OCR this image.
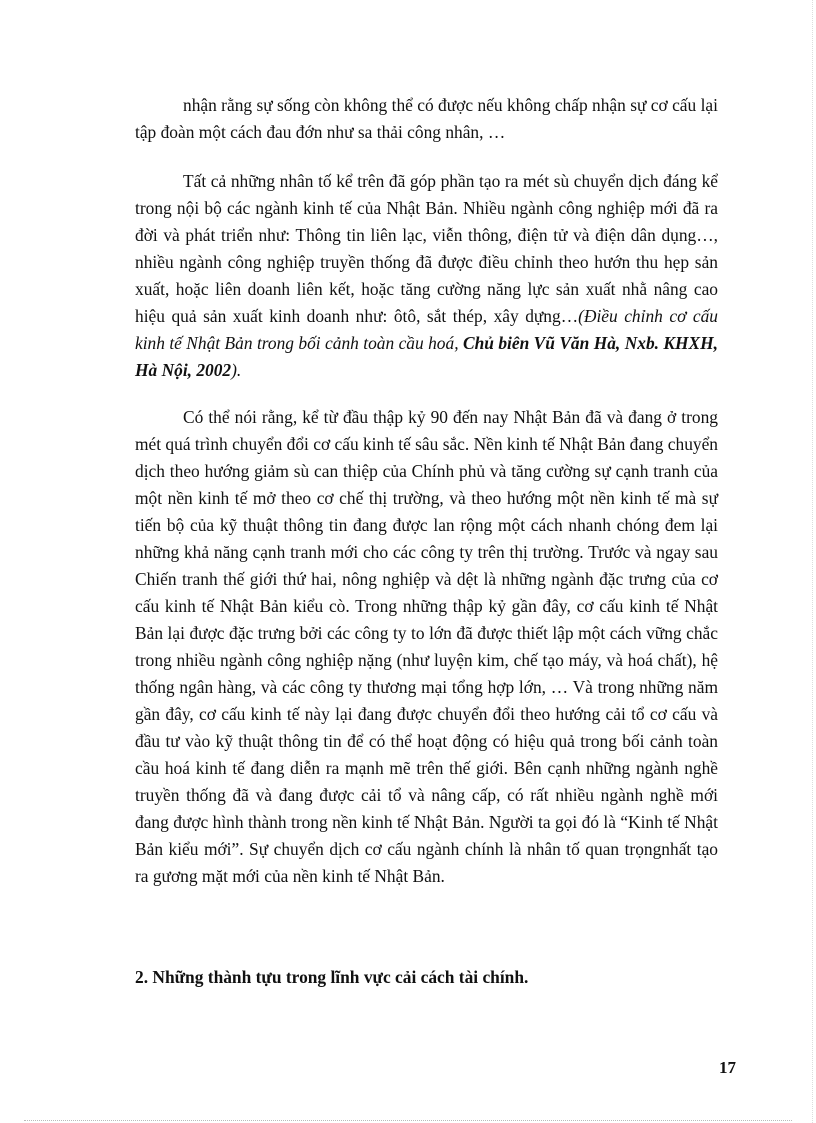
nhận rằng sự sống còn không thể có được nếu không chấp nhận sự cơ cấu lại tập đoàn một cách đau đớn như sa thải công nhân, …

Tất cả những nhân tố kể trên đã góp phần tạo ra mét sù chuyển dịch đáng kể trong nội bộ các ngành kinh tế của Nhật Bản. Nhiều ngành công nghiệp mới đã ra đời và phát triển như: Thông tin liên lạc, viễn thông, điện tử và điện dân dụng…, nhiều ngành công nghiệp truyền thống đã được điều chỉnh theo hướn thu hẹp sản xuất, hoặc liên doanh liên kết, hoặc tăng cường năng lực sản xuất nhằ nâng cao hiệu quả sản xuất kinh doanh như: ôtô, sắt thép, xây dựng…(Điều chỉnh cơ cấu kinh tế Nhật Bản trong bối cảnh toàn cầu hoá, Chủ biên Vũ Văn Hà, Nxb. KHXH, Hà Nội, 2002).

Có thể nói rằng, kể từ đầu thập kỷ 90 đến nay Nhật Bản đã và đang ở trong mét quá trình chuyển đổi cơ cấu kinh tế sâu sắc. Nền kinh tế Nhật Bản đang chuyển dịch theo hướng giảm sù can thiệp của Chính phủ và tăng cường sự cạnh tranh của một nền kinh tế mở theo cơ chế thị trường, và theo hướng một nền kinh tế mà sự tiến bộ của kỹ thuật thông tin đang được lan rộng một cách nhanh chóng đem lại những khả năng cạnh tranh mới cho các công ty trên thị trường. Trước và ngay sau Chiến tranh thế giới thứ hai, nông nghiệp và dệt là những ngành đặc trưng của cơ cấu kinh tế Nhật Bản kiểu cò. Trong những thập kỷ gần đây, cơ cấu kinh tế Nhật Bản lại được đặc trưng bởi các công ty to lớn đã được thiết lập một cách vững chắc trong nhiều ngành công nghiệp nặng (như luyện kim, chế tạo máy, và hoá chất), hệ thống ngân hàng, và các công ty thương mại tổng hợp lớn, … Và trong những năm gần đây, cơ cấu kinh tế này lại đang được chuyển đổi theo hướng cải tổ cơ cấu và đầu tư vào kỹ thuật thông tin để có thể hoạt động có hiệu quả trong bối cảnh toàn cầu hoá kinh tế đang diễn ra mạnh mẽ trên thế giới. Bên cạnh những ngành nghề truyền thống đã và đang được cải tổ và nâng cấp, có rất nhiều ngành nghề mới đang được hình thành trong nền kinh tế Nhật Bản. Người ta gọi đó là “Kinh tế Nhật Bản kiểu mới”. Sự chuyển dịch cơ cấu ngành chính là nhân tố quan trọngnhất tạo ra gương mặt mới của nền kinh tế Nhật Bản.

2. Những thành tựu trong lĩnh vực cải cách tài chính.
17
